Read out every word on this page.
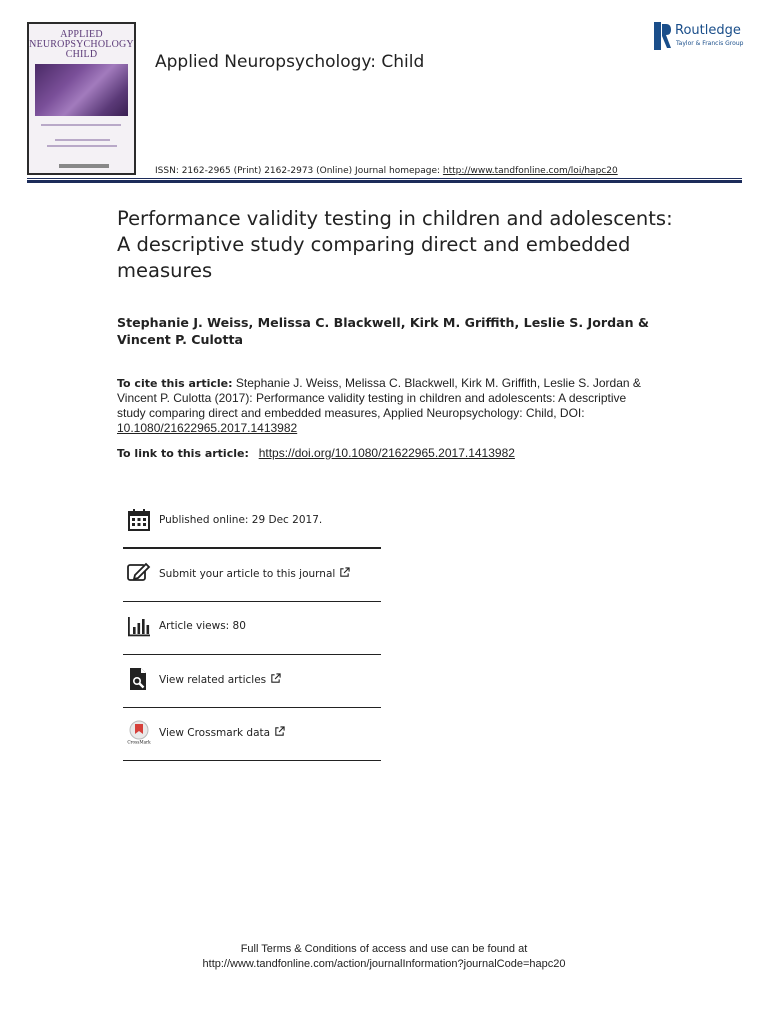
APPLIED
NEUROPSYCHOLOGY
CHILD	Applied Neuropsychology: Child
Routledge
Taylor & Francis Group
ISSN: 2162-2965 (Print) 2162-2973 (Online) Journal homepage: http://www.tandfonline.com/loi/hapc20
Performance validity testing in children and adolescents: A descriptive study comparing direct and embedded measures
Stephanie J. Weiss, Melissa C. Blackwell, Kirk M. Griffith, Leslie S. Jordan & Vincent P. Culotta
To cite this article: Stephanie J. Weiss, Melissa C. Blackwell, Kirk M. Griffith, Leslie S. Jordan & Vincent P. Culotta (2017): Performance validity testing in children and adolescents: A descriptive study comparing direct and embedded measures, Applied Neuropsychology: Child, DOI: 10.1080/21622965.2017.1413982
To link to this article: https://doi.org/10.1080/21622965.2017.1413982
Published online: 29 Dec 2017.
Submit your article to this journal
Article views: 80
View related articles
CrossMark
View Crossmark data
Full Terms & Conditions of access and use can be found at
http://www.tandfonline.com/action/journalInformation?journalCode=hapc20
